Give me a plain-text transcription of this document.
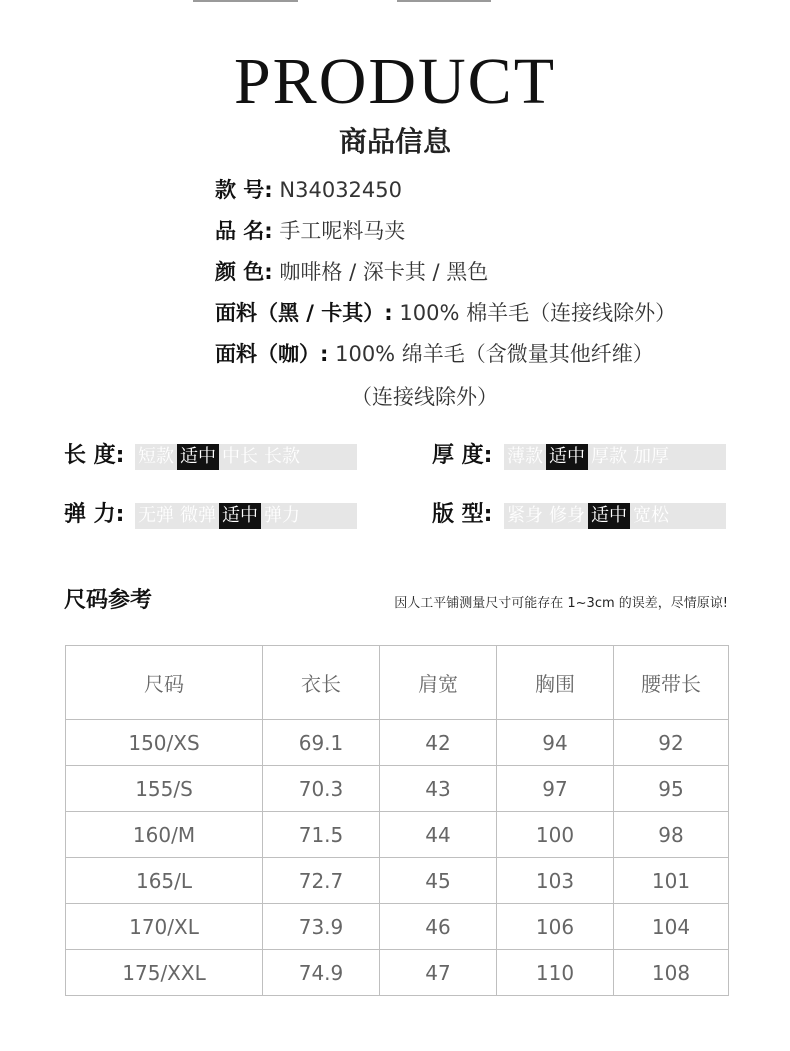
PRODUCT
商品信息
款 号: N34032450
品 名: 手工呢料马夹
颜 色: 咖啡格 / 深卡其 / 黑色
面料（黑 / 卡其）: 100% 棉羊毛（连接线除外）
面料（咖）: 100% 绵羊毛（含微量其他纤维）
（连接线除外）
长 度: 短款 适中 中长 长款	厚 度: 薄款 适中 厚款 加厚
弹 力: 无弹 微弹 适中 弹力	版 型: 紧身 修身 适中 宽松
尺码参考	因人工平铺测量尺寸可能存在 1~3cm 的误差，尽情原谅!
尺码	衣长	肩宽	胸围	腰带长
150/XS	69.1	42	94	92
155/S	70.3	43	97	95
160/M	71.5	44	100	98
165/L	72.7	45	103	101
170/XL	73.9	46	106	104
175/XXL	74.9	47	110	108
